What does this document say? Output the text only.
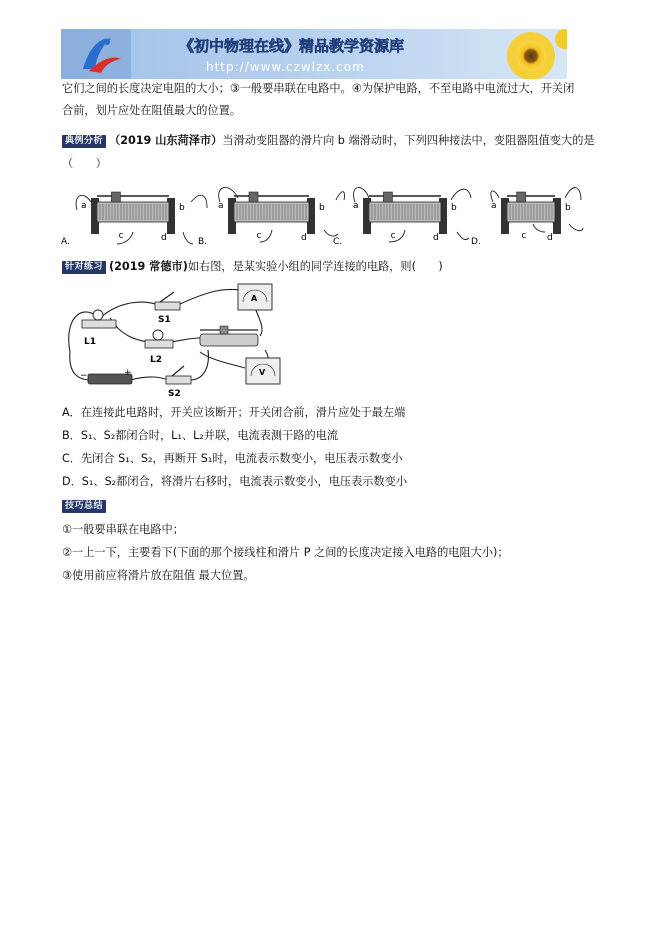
《初中物理在线》精品教学资源库
http://www.czwlzx.com
它们之间的长度决定电阻的大小；③一般要串联在电路中。④为保护电路，不至电路中电流过大，开关闭
合前，划片应处在阻值最大的位置。
典例分析 （2019 山东菏泽市）当滑动变阻器的滑片向 b 端滑动时，下列四种接法中，变阻器阻值变大的是
（　　）
a	b
c	d
A.
a	b
c	d
B.
a	b
c	d
C.
a	b
c d
D.
针对练习 (2019 常德市)如右图，是某实验小组的同学连接的电路，则(　　)
L1
S1
L2
−	+
S2
A
V
A．在连接此电路时，开关应该断开；开关闭合前，滑片应处于最左端
B．S₁、S₂都闭合时，L₁、L₂并联，电流表测干路的电流
C．先闭合 S₁、S₂，再断开 S₁时，电流表示数变小，电压表示数变小
D．S₁、S₂都闭合，将滑片右移时，电流表示数变小，电压表示数变小
技巧总结
①一般要串联在电路中；
②一上一下，主要看下(下面的那个接线柱和滑片 P 之间的长度决定接入电路的电阻大小)；
③使用前应将滑片放在阻值 最大位置。
